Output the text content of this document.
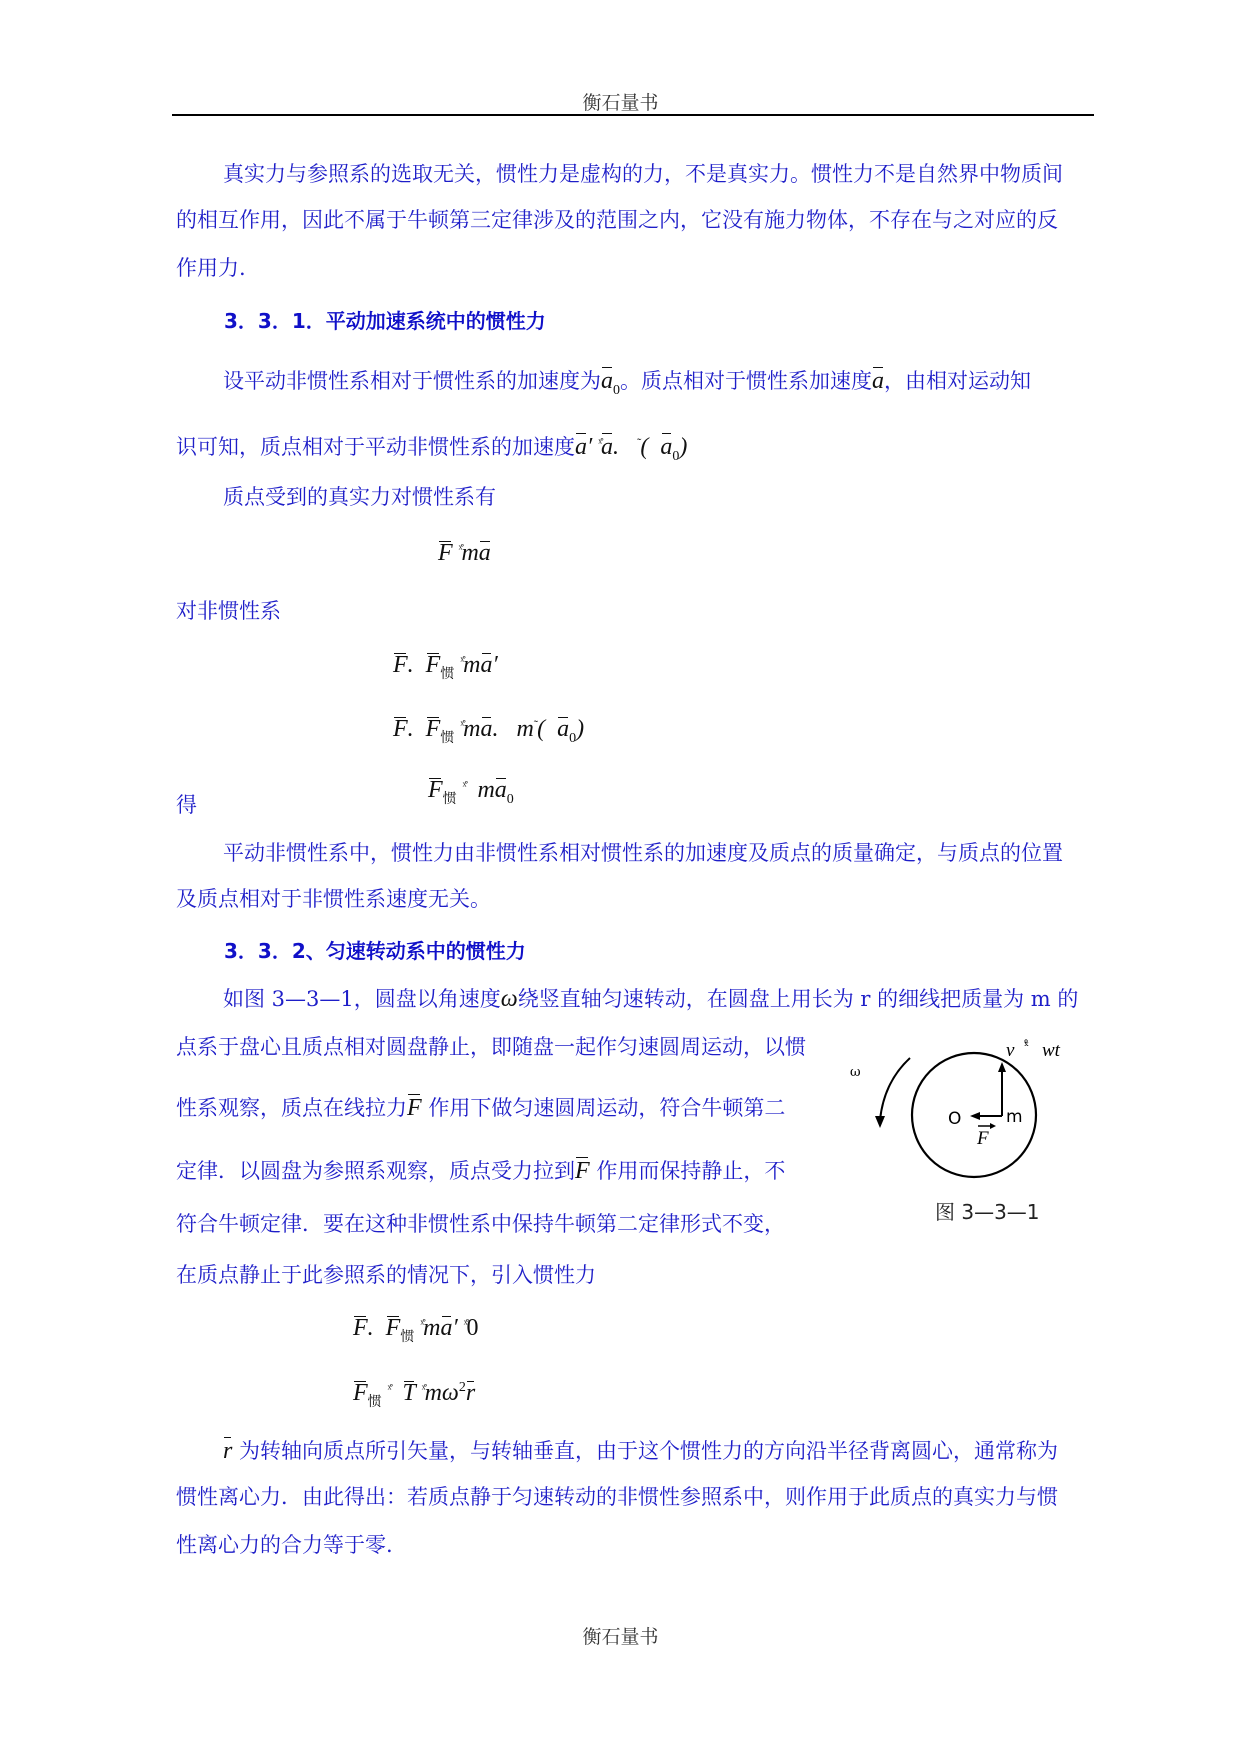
衡石量书
真实力与参照系的选取无关，惯性力是虚构的力，不是真实力。惯性力不是自然界中物质间
的相互作用，因此不属于牛顿第三定律涉及的范围之内，它没有施力物体，不存在与之对应的反
作用力.
3．3．1．平动加速系统中的惯性力
设平动非惯性系相对于惯性系的加速度为$a_0$。质点相对于惯性系加速度a，由相对运动知
识可知，质点相对于平动非惯性系的加速度a′ $^{ˣ̊}$a. ˜(  $a_0$)
质点受到的真实力对惯性系有
F $^{ˣ̊}$ma
对非惯性系
F. $F_惯$ $^{ˣ̊}$ma′
F. $F_惯$ $^{ˣ̊}$ma. m˜(  $a_0$)
$F_惯$ $^{ˣ̊}$ $ma_0$
得
平动非惯性系中，惯性力由非惯性系相对惯性系的加速度及质点的质量确定，与质点的位置
及质点相对于非惯性系速度无关。
3．3．2、匀速转动系中的惯性力
如图 3—3—1，圆盘以角速度ω绕竖直轴匀速转动，在圆盘上用长为 r 的细线把质量为 m 的
点系于盘心且质点相对圆盘静止，即随盘一起作匀速圆周运动，以惯
性系观察，质点在线拉力F 作用下做匀速圆周运动，符合牛顿第二
定律．以圆盘为参照系观察，质点受力拉到F 作用而保持静止，不
符合牛顿定律．要在这种非惯性系中保持牛顿第二定律形式不变，
在质点静止于此参照系的情况下，引入惯性力
ω
v ˣ̊ wt
O	m
F
图 3—3—1
F. $F_惯$ $^{ˣ̊}$ma′ $^{ˣ̊}$0
$F_惯$ $^{ˣ̊}$ T $^{ˣ̊}m\omega^2r$
r 为转轴向质点所引矢量，与转轴垂直，由于这个惯性力的方向沿半径背离圆心，通常称为
惯性离心力．由此得出：若质点静于匀速转动的非惯性参照系中，则作用于此质点的真实力与惯
性离心力的合力等于零.
衡石量书
